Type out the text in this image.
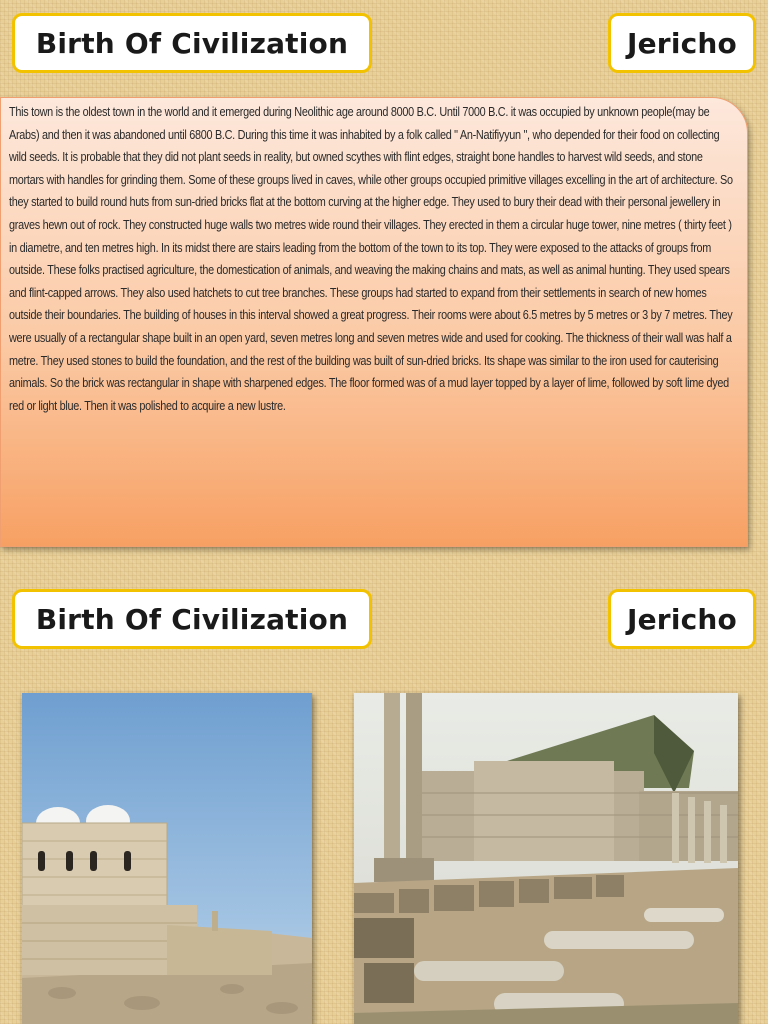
Birth Of Civilization	Jericho

This town is the oldest town in the world and it emerged during Neolithic age around 8000 B.C. Until 7000 B.C. it was occupied by unknown people(may be Arabs) and then it was abandoned until 6800 B.C. During this time it was inhabited by a folk called " An-Natifiyyun ", who depended for their food on collecting wild seeds. It is probable that they did not plant seeds in reality, but owned scythes with flint edges, straight bone handles to harvest wild seeds, and stone mortars with handles for grinding them. Some of these groups lived in caves, while other groups occupied primitive villages excelling in the art of architecture. So they started to build round huts from sun-dried bricks flat at the bottom curving at the higher edge. They used to bury their dead with their personal jewellery in graves hewn out of rock. They constructed huge walls two metres wide round their villages. They erected in them a circular huge tower, nine metres ( thirty feet ) in diametre, and ten metres high. In its midst there are stairs leading from the bottom of the town to its top. They were exposed to the attacks of groups from outside. These folks practised agriculture, the domestication of animals, and weaving the making chains and mats, as well as animal hunting. They used spears and flint-capped arrows. They also used hatchets to cut tree branches. These groups had started to expand from their settlements in search of new homes outside their boundaries. The building of houses in this interval showed a great progress. Their rooms were about 6.5 metres by 5 metres or 3 by 7 metres. They were usually of a rectangular shape built in an open yard, seven metres long and seven metres wide and used for cooking. The thickness of their wall was half a metre. They used stones to build the foundation, and the rest of the building was built of sun-dried bricks. Its shape was similar to the iron used for cauterising animals. So the brick was rectangular in shape with sharpened edges. The floor formed was of a mud layer topped by a layer of lime, followed by soft lime dyed red or light blue. Then it was polished to acquire a new lustre.

Birth Of Civilization	Jericho
